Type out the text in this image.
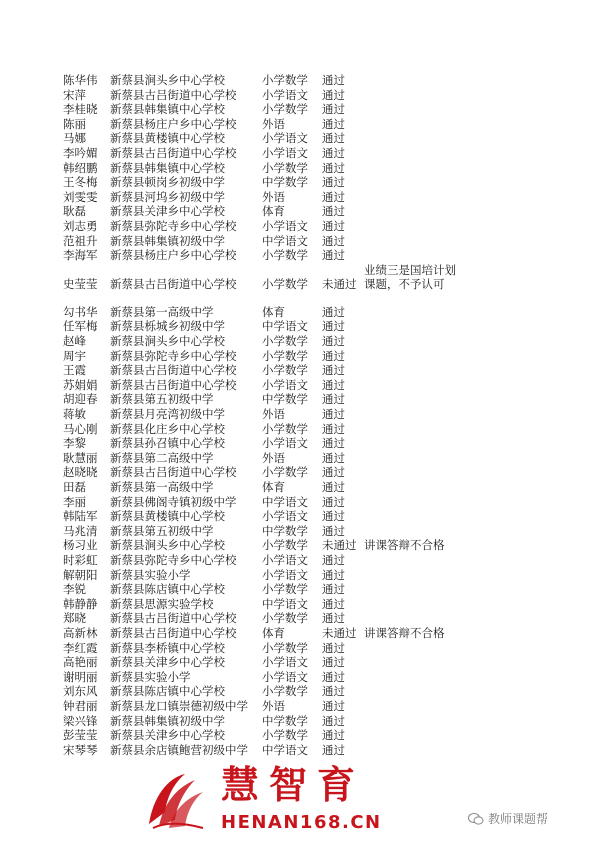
陈华伟	新蔡县涧头乡中心学校	小学数学	通过
宋萍	新蔡县古吕街道中心学校	小学语文	通过
李桂晓	新蔡县韩集镇中心学校	小学数学	通过
陈丽	新蔡县杨庄户乡中心学校	外语	通过
马娜	新蔡县黄楼镇中心学校	小学语文	通过
李吟媚	新蔡县古吕街道中心学校	小学语文	通过
韩绍鹏	新蔡县韩集镇中心学校	小学数学	通过
王冬梅	新蔡县顿岗乡初级中学	中学数学	通过
刘雯雯	新蔡县河坞乡初级中学	外语	通过
耿磊	新蔡县关津乡中心学校	体育	通过
刘志勇	新蔡县弥陀寺乡中心学校	小学语文	通过
范祖升	新蔡县韩集镇初级中学	中学语文	通过
李海军	新蔡县杨庄户乡中心学校	小学数学	通过
史莹莹	新蔡县古吕街道中心学校	小学数学	未通过
业绩三是国培计划课题，不予认可
勾书华	新蔡县第一高级中学	体育	通过
任军梅	新蔡县栎城乡初级中学	中学语文	通过
赵峰	新蔡县涧头乡中心学校	小学数学	通过
周宇	新蔡县弥陀寺乡中心学校	小学数学	通过
王霞	新蔡县古吕街道中心学校	小学数学	通过
苏娟娟	新蔡县古吕街道中心学校	小学语文	通过
胡迎春	新蔡县第五初级中学	中学数学	通过
蒋敏	新蔡县月亮湾初级中学	外语	通过
马心刚	新蔡县化庄乡中心学校	小学数学	通过
李黎	新蔡县孙召镇中心学校	小学语文	通过
耿慧丽	新蔡县第二高级中学	外语	通过
赵晓晓	新蔡县古吕街道中心学校	小学数学	通过
田磊	新蔡县第一高级中学	体育	通过
李丽	新蔡县佛阁寺镇初级中学	中学语文	通过
韩陆军	新蔡县黄楼镇中心学校	小学语文	通过
马兆清	新蔡县第五初级中学	中学数学	通过
杨习业	新蔡县涧头乡中心学校	小学数学	未通过 讲课答辩不合格
时彩虹	新蔡县弥陀寺乡中心学校	小学语文	通过
解朝阳	新蔡县实验小学	小学语文	通过
李锐	新蔡县陈店镇中心学校	小学数学	通过
韩静静	新蔡县思源实验学校	中学语文	通过
郑晓	新蔡县古吕街道中心学校	小学数学	通过
高新林	新蔡县古吕街道中心学校	体育	未通过 讲课答辩不合格
李红霞	新蔡县李桥镇中心学校	小学数学	通过
高艳丽	新蔡县关津乡中心学校	小学语文	通过
谢明丽	新蔡县实验小学	小学语文	通过
刘东风	新蔡县陈店镇中心学校	小学数学	通过
钟君丽	新蔡县龙口镇崇德初级中学	外语	通过
梁兴锋	新蔡县韩集镇初级中学	中学数学	通过
彭莹莹	新蔡县关津乡中心学校	小学数学	通过
宋琴琴	新蔡县余店镇鲍营初级中学	中学语文	通过
慧智育
HENAN168.CN	教师课题帮
